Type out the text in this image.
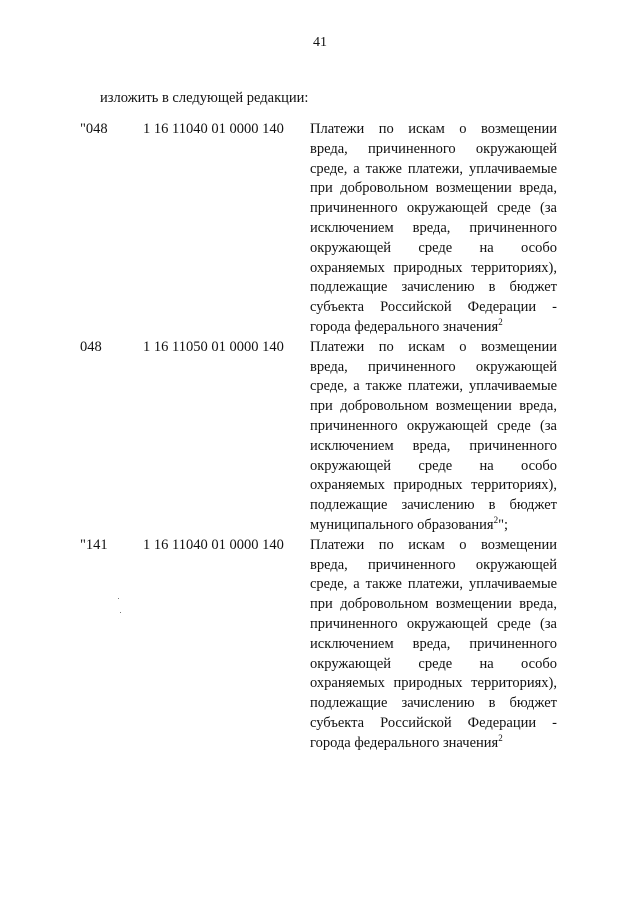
41
изложить в следующей редакции:
"048 1 16 11040 01 0000 140 Платежи по искам о возмещении
вреда, причиненного окружающей
среде, а также платежи, уплачиваемые
при добровольном возмещении вреда,
причиненного окружающей среде (за
исключением вреда, причиненного
окружающей среде на особо
охраняемых природных территориях),
подлежащие зачислению в бюджет
субъекта Российской Федерации -
города федерального значения$^2$
048	1 16 11050 01 0000 140 Платежи по искам о возмещении
вреда, причиненного окружающей
среде, а также платежи, уплачиваемые
при добровольном возмещении вреда,
причиненного окружающей среде (за
исключением вреда, причиненного
окружающей среде на особо
охраняемых природных территориях),
подлежащие зачислению в бюджет
муниципального образования$^2$";
"141 1 16 11040 01 0000 140 Платежи по искам о возмещении
вреда, причиненного окружающей
среде, а также платежи, уплачиваемые
при добровольном возмещении вреда,
причиненного окружающей среде (за
исключением вреда, причиненного
окружающей среде на особо
охраняемых природных территориях),
подлежащие зачислению в бюджет
субъекта Российской Федерации -
города федерального значения$^2$
